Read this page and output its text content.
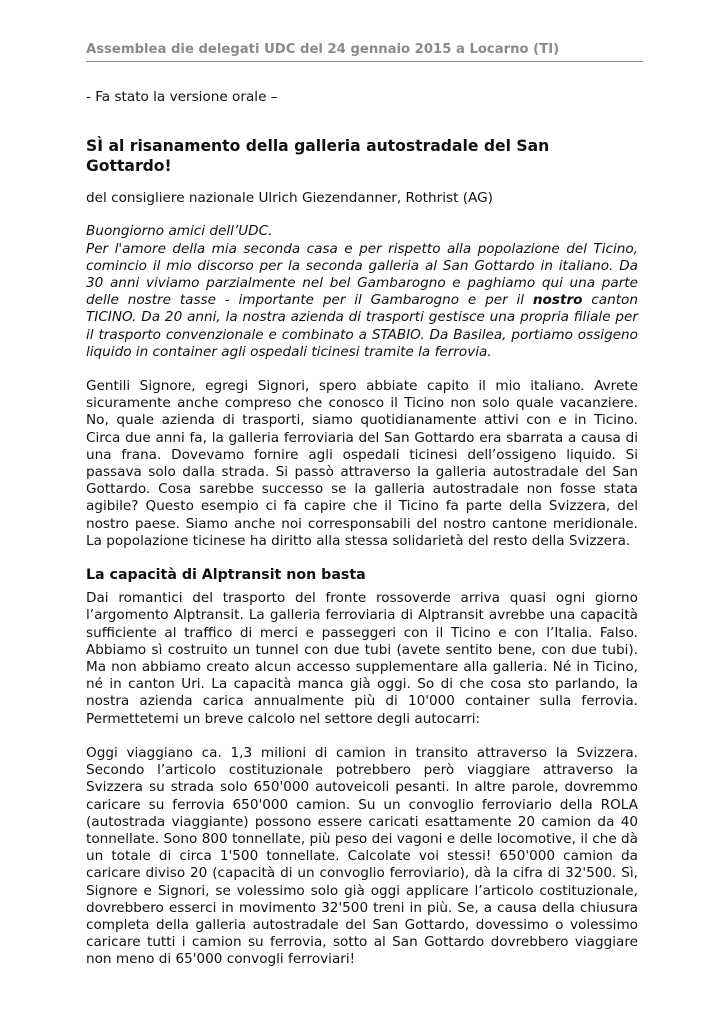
Assemblea die delegati UDC del 24 gennaio 2015 a Locarno (TI)

- Fa stato la versione orale –

SÌ al risanamento della galleria autostradale del San Gottardo!

del consigliere nazionale Ulrich Giezendanner, Rothrist (AG)

Buongiorno amici dell’UDC.

Per l'amore della mia seconda casa e per rispetto alla popolazione del Ticino, comincio il mio discorso per la seconda galleria al San Gottardo in italiano. Da 30 anni viviamo parzialmente nel bel Gambarogno e paghiamo qui una parte delle nostre tasse - importante per il Gambarogno e per il nostro canton TICINO. Da 20 anni, la nostra azienda di trasporti gestisce una propria filiale per il trasporto convenzionale e combinato a STABIO. Da Basilea, portiamo ossigeno liquido in container agli ospedali ticinesi tramite la ferrovia.

Gentili Signore, egregi Signori, spero abbiate capito il mio italiano. Avrete sicuramente anche compreso che conosco il Ticino non solo quale vacanziere. No, quale azienda di trasporti, siamo quotidianamente attivi con e in Ticino. Circa due anni fa, la galleria ferroviaria del San Gottardo era sbarrata a causa di una frana. Dovevamo fornire agli ospedali ticinesi dell’ossigeno liquido. Si passava solo dalla strada. Si passò attraverso la galleria autostradale del San Gottardo. Cosa sarebbe successo se la galleria autostradale non fosse stata agibile? Questo esempio ci fa capire che il Ticino fa parte della Svizzera, del nostro paese. Siamo anche noi corresponsabili del nostro cantone meridionale. La popolazione ticinese ha diritto alla stessa solidarietà del resto della Svizzera.

La capacità di Alptransit non basta

Dai romantici del trasporto del fronte rossoverde arriva quasi ogni giorno l’argomento Alptransit. La galleria ferroviaria di Alptransit avrebbe una capacità sufficiente al traffico di merci e passeggeri con il Ticino e con l’Italia. Falso. Abbiamo sì costruito un tunnel con due tubi (avete sentito bene, con due tubi). Ma non abbiamo creato alcun accesso supplementare alla galleria. Né in Ticino, né in canton Uri. La capacità manca già oggi. So di che cosa sto parlando, la nostra azienda carica annualmente più di 10'000 container sulla ferrovia. Permettetemi un breve calcolo nel settore degli autocarri:

Oggi viaggiano ca. 1,3 milioni di camion in transito attraverso la Svizzera. Secondo l’articolo costituzionale potrebbero però viaggiare attraverso la Svizzera su strada solo 650'000 autoveicoli pesanti. In altre parole, dovremmo caricare su ferrovia 650'000 camion. Su un convoglio ferroviario della ROLA (autostrada viaggiante) possono essere caricati esattamente 20 camion da 40 tonnellate. Sono 800 tonnellate, più peso dei vagoni e delle locomotive, il che dà un totale di circa 1'500 tonnellate. Calcolate voi stessi! 650'000 camion da caricare diviso 20 (capacità di un convoglio ferroviario), dà la cifra di 32'500. Sì, Signore e Signori, se volessimo solo già oggi applicare l’articolo costituzionale, dovrebbero esserci in movimento 32'500 treni in più. Se, a causa della chiusura completa della galleria autostradale del San Gottardo, dovessimo o volessimo caricare tutti i camion su ferrovia, sotto al San Gottardo dovrebbero viaggiare non meno di 65'000 convogli ferroviari!
